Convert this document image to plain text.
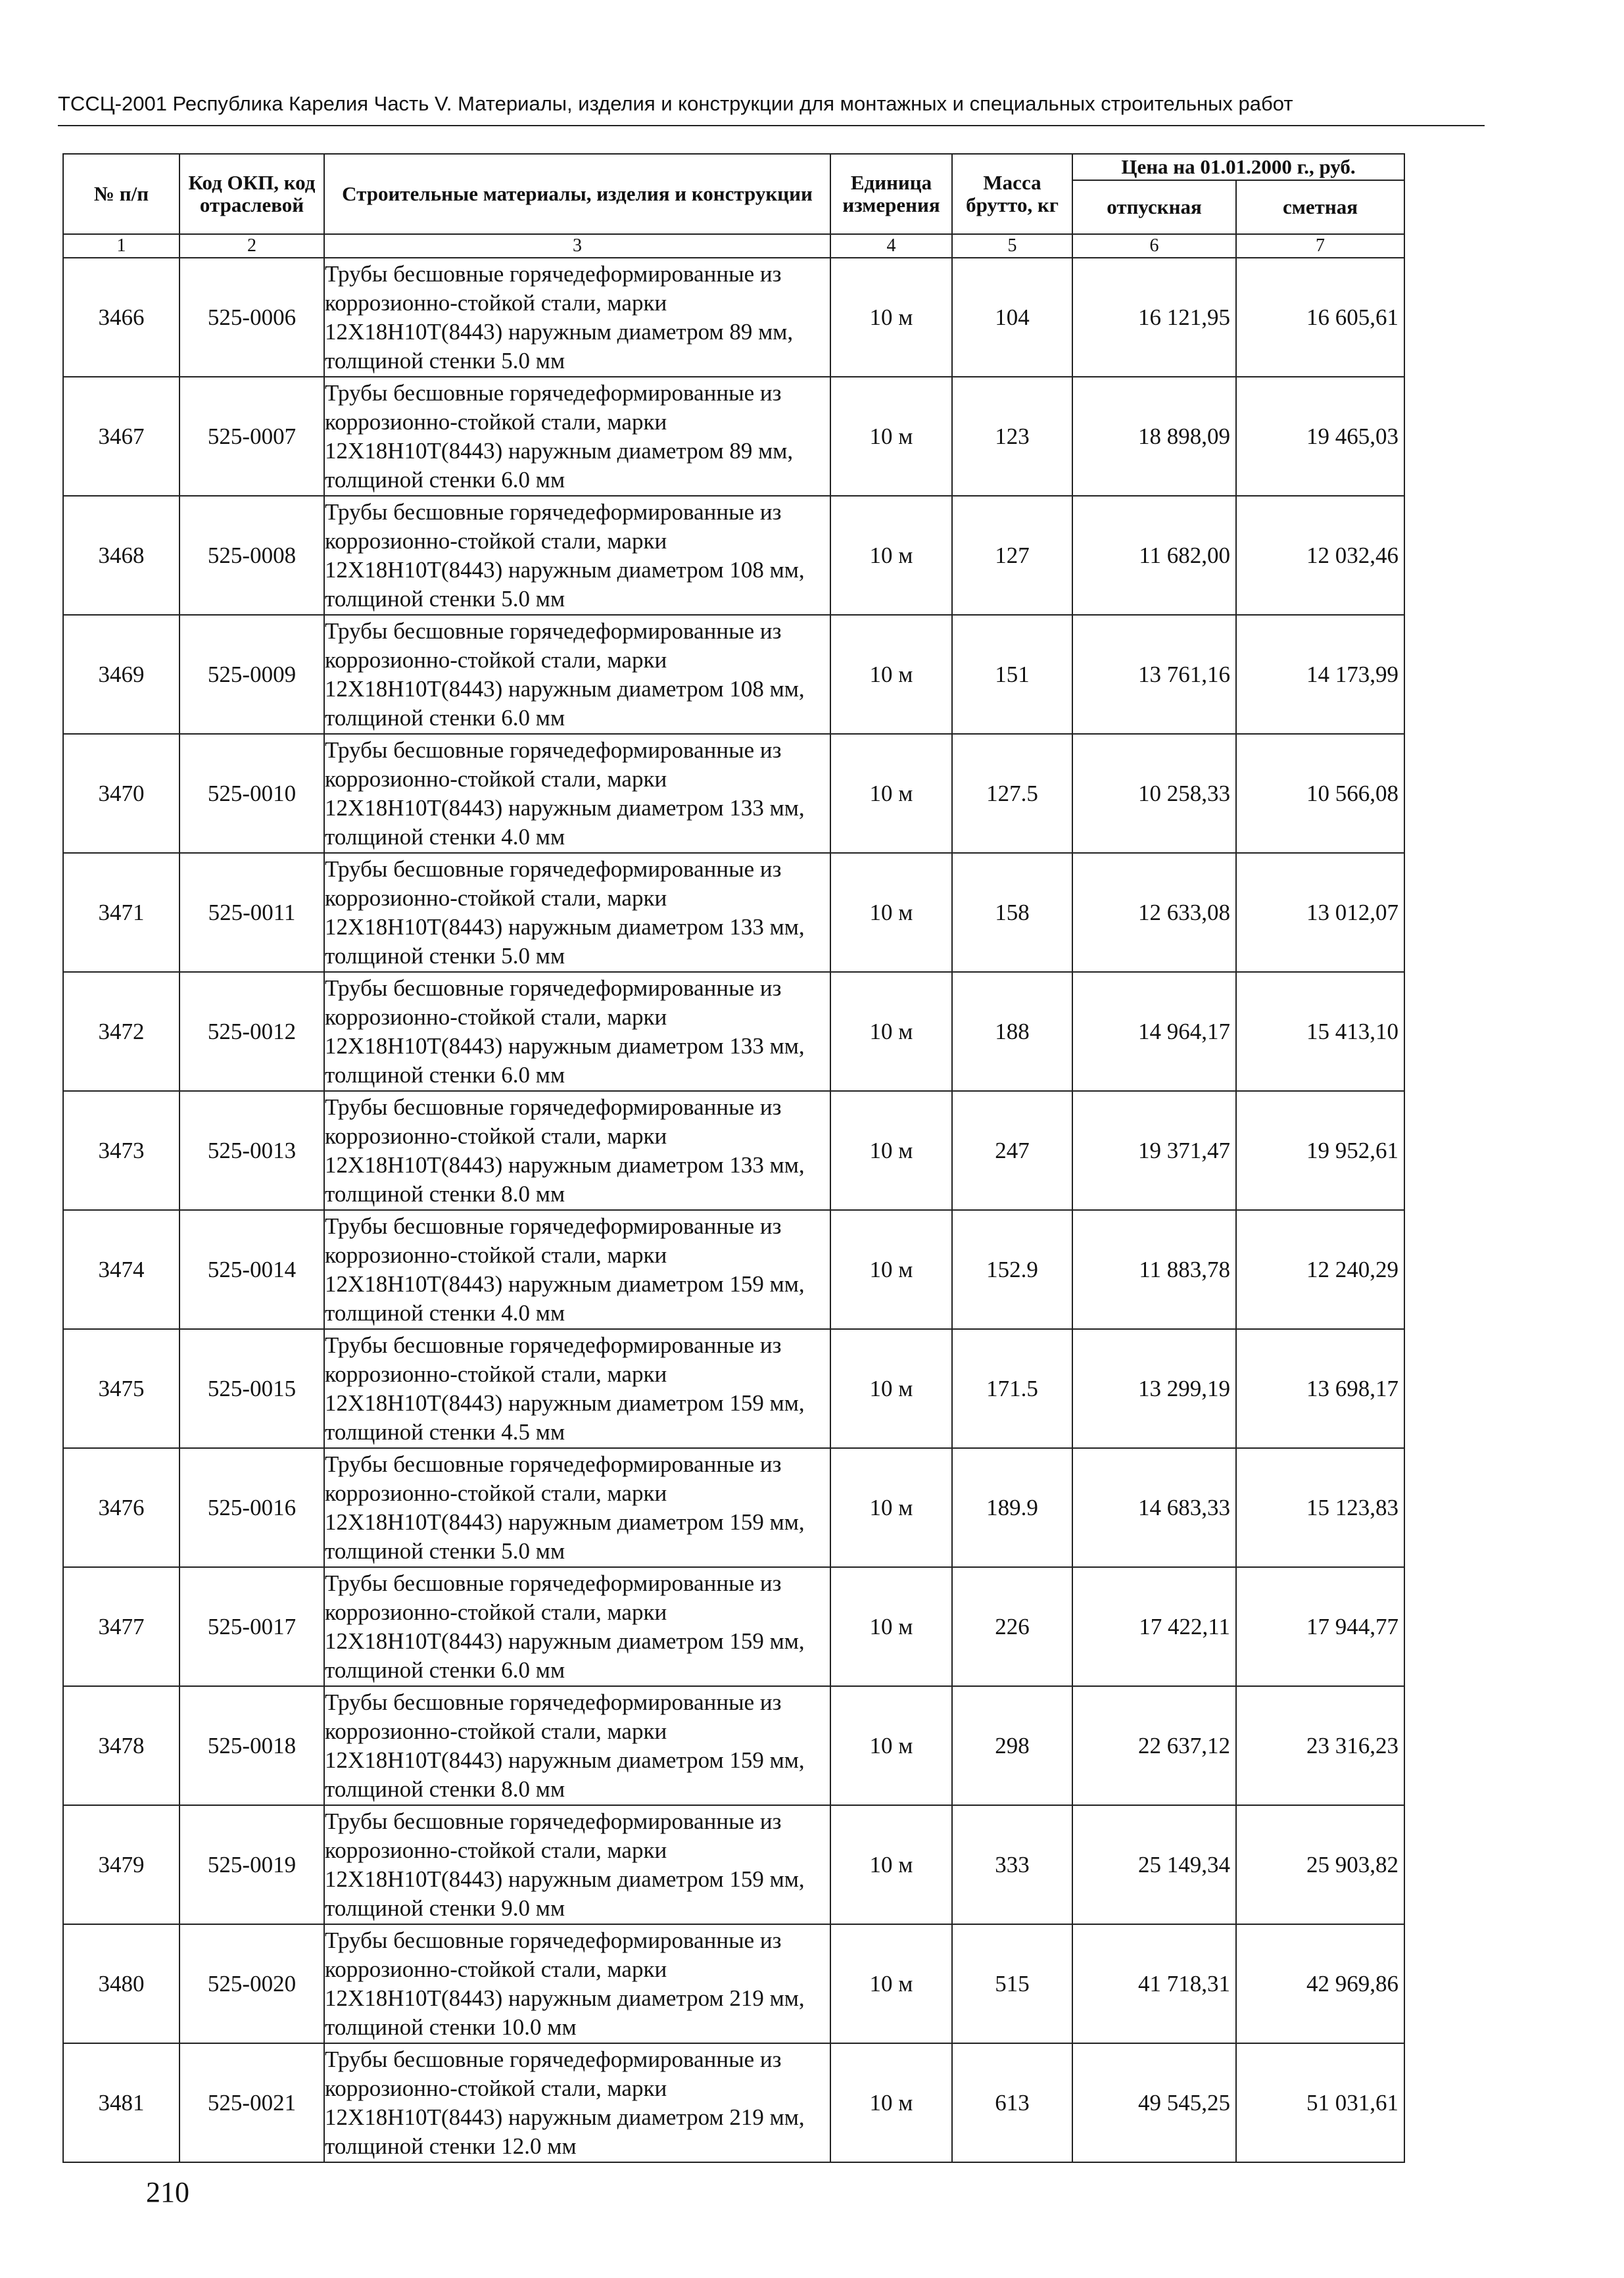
ТССЦ-2001 Республика Карелия Часть V. Материалы, изделия и конструкции для монтажных и специальных строительных работ
№ п/п	Код ОКП, код отраслевой	Строительные материалы, изделия и конструкции	Единица измерения	Масса брутто, кг	Цена на 01.01.2000 г., руб.	
					отпускная	сметная
1	2	3	4	5	6	7
3466	525-0006	Трубы бесшовные горячедеформированные из коррозионно-стойкой стали, марки 12Х18Н10Т(8443) наружным диаметром 89 мм, толщиной стенки 5.0 мм	10 м	104	16 121,95	16 605,61
3467	525-0007	Трубы бесшовные горячедеформированные из коррозионно-стойкой стали, марки 12Х18Н10Т(8443) наружным диаметром 89 мм, толщиной стенки 6.0 мм	10 м	123	18 898,09	19 465,03
3468	525-0008	Трубы бесшовные горячедеформированные из коррозионно-стойкой стали, марки 12Х18Н10Т(8443) наружным диаметром 108 мм, толщиной стенки 5.0 мм	10 м	127	11 682,00	12 032,46
3469	525-0009	Трубы бесшовные горячедеформированные из коррозионно-стойкой стали, марки 12Х18Н10Т(8443) наружным диаметром 108 мм, толщиной стенки 6.0 мм	10 м	151	13 761,16	14 173,99
3470	525-0010	Трубы бесшовные горячедеформированные из коррозионно-стойкой стали, марки 12Х18Н10Т(8443) наружным диаметром 133 мм, толщиной стенки 4.0 мм	10 м	127.5	10 258,33	10 566,08
3471	525-0011	Трубы бесшовные горячедеформированные из коррозионно-стойкой стали, марки 12Х18Н10Т(8443) наружным диаметром 133 мм, толщиной стенки 5.0 мм	10 м	158	12 633,08	13 012,07
3472	525-0012	Трубы бесшовные горячедеформированные из коррозионно-стойкой стали, марки 12Х18Н10Т(8443) наружным диаметром 133 мм, толщиной стенки 6.0 мм	10 м	188	14 964,17	15 413,10
3473	525-0013	Трубы бесшовные горячедеформированные из коррозионно-стойкой стали, марки 12Х18Н10Т(8443) наружным диаметром 133 мм, толщиной стенки 8.0 мм	10 м	247	19 371,47	19 952,61
3474	525-0014	Трубы бесшовные горячедеформированные из коррозионно-стойкой стали, марки 12Х18Н10Т(8443) наружным диаметром 159 мм, толщиной стенки 4.0 мм	10 м	152.9	11 883,78	12 240,29
3475	525-0015	Трубы бесшовные горячедеформированные из коррозионно-стойкой стали, марки 12Х18Н10Т(8443) наружным диаметром 159 мм, толщиной стенки 4.5 мм	10 м	171.5	13 299,19	13 698,17
3476	525-0016	Трубы бесшовные горячедеформированные из коррозионно-стойкой стали, марки 12Х18Н10Т(8443) наружным диаметром 159 мм, толщиной стенки 5.0 мм	10 м	189.9	14 683,33	15 123,83
3477	525-0017	Трубы бесшовные горячедеформированные из коррозионно-стойкой стали, марки 12Х18Н10Т(8443) наружным диаметром 159 мм, толщиной стенки 6.0 мм	10 м	226	17 422,11	17 944,77
3478	525-0018	Трубы бесшовные горячедеформированные из коррозионно-стойкой стали, марки 12Х18Н10Т(8443) наружным диаметром 159 мм, толщиной стенки 8.0 мм	10 м	298	22 637,12	23 316,23
3479	525-0019	Трубы бесшовные горячедеформированные из коррозионно-стойкой стали, марки 12Х18Н10Т(8443) наружным диаметром 159 мм, толщиной стенки 9.0 мм	10 м	333	25 149,34	25 903,82
3480	525-0020	Трубы бесшовные горячедеформированные из коррозионно-стойкой стали, марки 12Х18Н10Т(8443) наружным диаметром 219 мм, толщиной стенки 10.0 мм	10 м	515	41 718,31	42 969,86
3481	525-0021	Трубы бесшовные горячедеформированные из коррозионно-стойкой стали, марки 12Х18Н10Т(8443) наружным диаметром 219 мм, толщиной стенки 12.0 мм	10 м	613	49 545,25	51 031,61
210
